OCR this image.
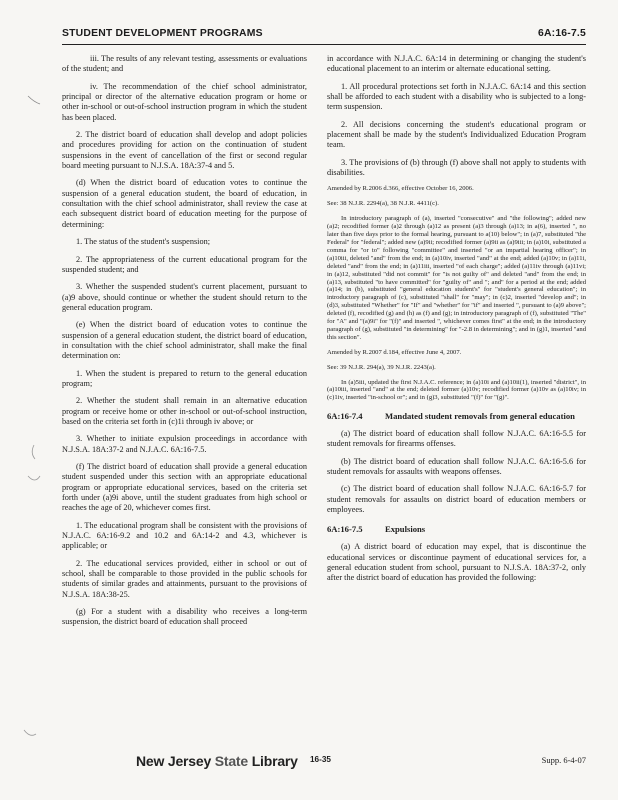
STUDENT DEVELOPMENT PROGRAMS	6A:16-7.5

iii. The results of any relevant testing, assessments or evaluations of the student; and

iv. The recommendation of the chief school administrator, principal or director of the alternative education program or home or other in-school or out-of-school instruction program in which the student has been placed.

2. The district board of education shall develop and adopt policies and procedures providing for action on the continuation of student suspensions in the event of cancellation of the first or second regular board meeting pursuant to N.J.S.A. 18A:37-4 and 5.

(d) When the district board of education votes to continue the suspension of a general education student, the board of education, in consultation with the chief school administrator, shall review the case at each subsequent district board of education meeting for the purpose of determining:

1. The status of the student's suspension;

2. The appropriateness of the current educational program for the suspended student; and

3. Whether the suspended student's current placement, pursuant to (a)9 above, should continue or whether the student should return to the general education program.

(e) When the district board of education votes to continue the suspension of a general education student, the district board of education, in consultation with the chief school administrator, shall make the final determination on:

1. When the student is prepared to return to the general education program;

2. Whether the student shall remain in an alternative education program or receive home or other in-school or out-of-school instruction, based on the criteria set forth in (c)1i through iv above; or

3. Whether to initiate expulsion proceedings in accordance with N.J.S.A. 18A:37-2 and N.J.A.C. 6A:16-7.5.

(f) The district board of education shall provide a general education student suspended under this section with an appropriate educational program or appropriate educational services, based on the criteria set forth under (a)9i above, until the student graduates from high school or reaches the age of 20, whichever comes first.

1. The educational program shall be consistent with the provisions of N.J.A.C. 6A:16-9.2 and 10.2 and 6A:14-2 and 4.3, whichever is applicable; or

2. The educational services provided, either in school or out of school, shall be comparable to those provided in the public schools for students of similar grades and attainments, pursuant to the provisions of N.J.S.A. 18A:38-25.

(g) For a student with a disability who receives a long-term suspension, the district board of education shall proceed

in accordance with N.J.A.C. 6A:14 in determining or changing the student's educational placement to an interim or alternate educational setting.

1. All procedural protections set forth in N.J.A.C. 6A:14 and this section shall be afforded to each student with a disability who is subjected to a long-term suspension.

2. All decisions concerning the student's educational program or placement shall be made by the student's Individualized Education Program team.

3. The provisions of (b) through (f) above shall not apply to students with disabilities.

Amended by R.2006 d.366, effective October 16, 2006.

See: 38 N.J.R. 2294(a), 38 N.J.R. 4411(c).

In introductory paragraph of (a), inserted "consecutive" and "the following"; added new (a)2; recodified former (a)2 through (a)12 as present (a)3 through (a)13; in a(6), inserted ", no later than five days prior to the formal hearing, pursuant to a(10) below"; in (a)7, substituted "the Federal" for "federal"; added new (a)9ii; recodified former (a)9ii as (a)9iii; in (a)10i, substituted a comma for "or to" following "committee" and inserted "or an impartial hearing officer"; in (a)10iii, deleted "and" from the end; in (a)10iv, inserted "and" at the end; added (a)10v; in (a)11i, deleted "and" from the end; in (a)11iii, inserted "of each charge"; added (a)11iv through (a)11vi; in (a)12, substituted "did not commit" for "is not guilty of" and deleted "and" from the end; in (a)13, substituted "to have committed" for "guilty of" and "; and" for a period at the end; added (a)14; in (b), substituted "general education student's" for "student's general education"; in introductory paragraph of (c), substituted "shall" for "may"; in (c)2, inserted "develop and"; in (d)3, substituted "Whether" for "If" and "whether" for "if" and inserted ", pursuant to (a)9 above"; deleted (f), recodified (g) and (h) as (f) and (g); in introductory paragraph of (f), substituted "The" for "A" and "(a)9i" for "(f)" and inserted ", whichever comes first" at the end; in the introductory paragraph of (g), substituted "in determining" for "-2.8 in determining"; and in (g)1, inserted "and this section".

Amended by R.2007 d.184, effective June 4, 2007.

See: 39 N.J.R. 294(a), 39 N.J.R. 2243(a).

In (a)5iii, updated the first N.J.A.C. reference; in (a)10i and (a)10ii(1), inserted "district", in (a)10iii, inserted "and" at the end; deleted former (a)10v; recodified former (a)10v as (a)10iv; in (c)1iv, inserted "in-school or"; and in (g)3, substituted "(f)" for "(g)".

6A:16-7.4	Mandated student removals from general education

(a) The district board of education shall follow N.J.A.C. 6A:16-5.5 for student removals for firearms offenses.

(b) The district board of education shall follow N.J.A.C. 6A:16-5.6 for student removals for assaults with weapons offenses.

(c) The district board of education shall follow N.J.A.C. 6A:16-5.7 for student removals for assaults on district board of education members or employees.

6A:16-7.5	Expulsions

(a) A district board of education may expel, that is discontinue the educational services or discontinue payment of educational services for, a general education student from school, pursuant to N.J.S.A. 18A:37-2, only after the district board of education has provided the following:

New Jersey State Library 16-35	Supp. 6-4-07
